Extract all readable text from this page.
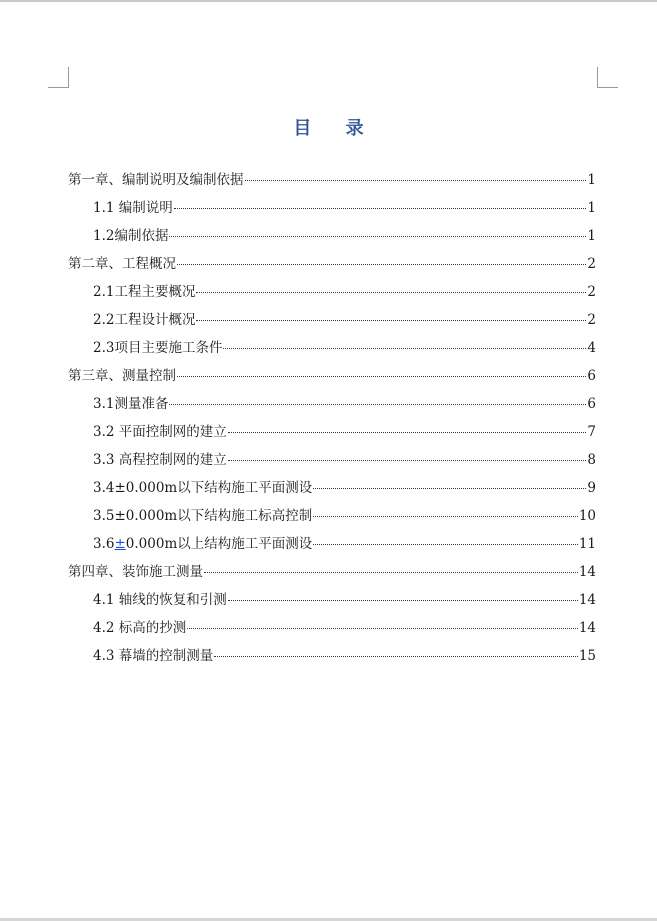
目 录
第一章、编制说明及编制依据	1
1.1 编制说明	1
1.2编制依据	1
第二章、工程概况	2
2.1工程主要概况	2
2.2工程设计概况	2
2.3项目主要施工条件	4
第三章、测量控制	6
3.1测量准备	6
3.2 平面控制网的建立	7
3.3 高程控制网的建立	8
3.4±0.000m以下结构施工平面测设	9
3.5±0.000m以下结构施工标高控制	10
3.6±0.000m以上结构施工平面测设	11
第四章、装饰施工测量	14
4.1 轴线的恢复和引测	14
4.2 标高的抄测	14
4.3 幕墙的控制测量	15
